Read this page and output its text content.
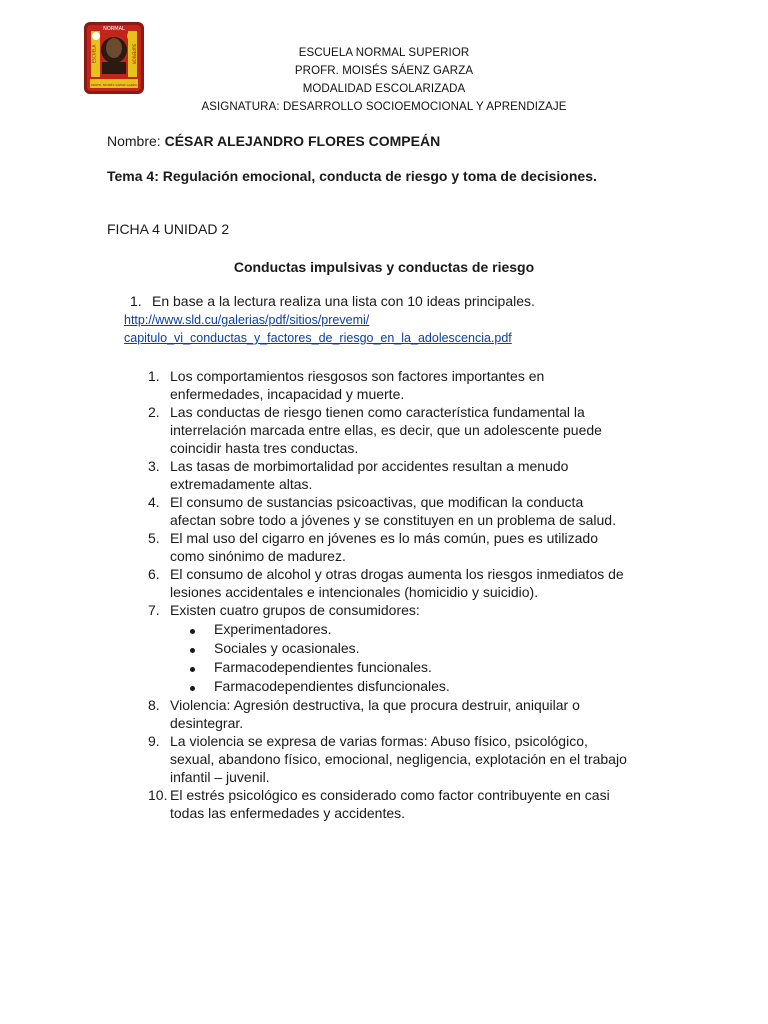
NORMAL
PROFR. MOISÉS SÁENZ GARZA
ESCUELA	SUPERIOR	ESCUELA NORMAL SUPERIOR
PROFR. MOISÉS SÁENZ GARZA
MODALIDAD ESCOLARIZADA
ASIGNATURA: DESARROLLO SOCIOEMOCIONAL Y APRENDIZAJE
Nombre: CÉSAR ALEJANDRO FLORES COMPEÁN
Tema 4: Regulación emocional, conducta de riesgo y toma de decisiones.
FICHA 4 UNIDAD 2
Conductas impulsivas y conductas de riesgo
1. En base a la lectura realiza una lista con 10 ideas principales.
http://www.sld.cu/galerias/pdf/sitios/prevemi/
capitulo_vi_conductas_y_factores_de_riesgo_en_la_adolescencia.pdf
1. Los comportamientos riesgosos son factores importantes en
enfermedades, incapacidad y muerte.
2. Las conductas de riesgo tienen como característica fundamental la
interrelación marcada entre ellas, es decir, que un adolescente puede
coincidir hasta tres conductas.
3. Las tasas de morbimortalidad por accidentes resultan a menudo
extremadamente altas.
4. El consumo de sustancias psicoactivas, que modifican la conducta
afectan sobre todo a jóvenes y se constituyen en un problema de salud.
5. El mal uso del cigarro en jóvenes es lo más común, pues es utilizado
como sinónimo de madurez.
6. El consumo de alcohol y otras drogas aumenta los riesgos inmediatos de
lesiones accidentales e intencionales (homicidio y suicidio).
7. Existen cuatro grupos de consumidores:
Experimentadores.
Sociales y ocasionales.
Farmacodependientes funcionales.
Farmacodependientes disfuncionales.
8. Violencia: Agresión destructiva, la que procura destruir, aniquilar o
desintegrar.
9. La violencia se expresa de varias formas: Abuso físico, psicológico,
sexual, abandono físico, emocional, negligencia, explotación en el trabajo
infantil – juvenil.
10. El estrés psicológico es considerado como factor contribuyente en casi
todas las enfermedades y accidentes.
